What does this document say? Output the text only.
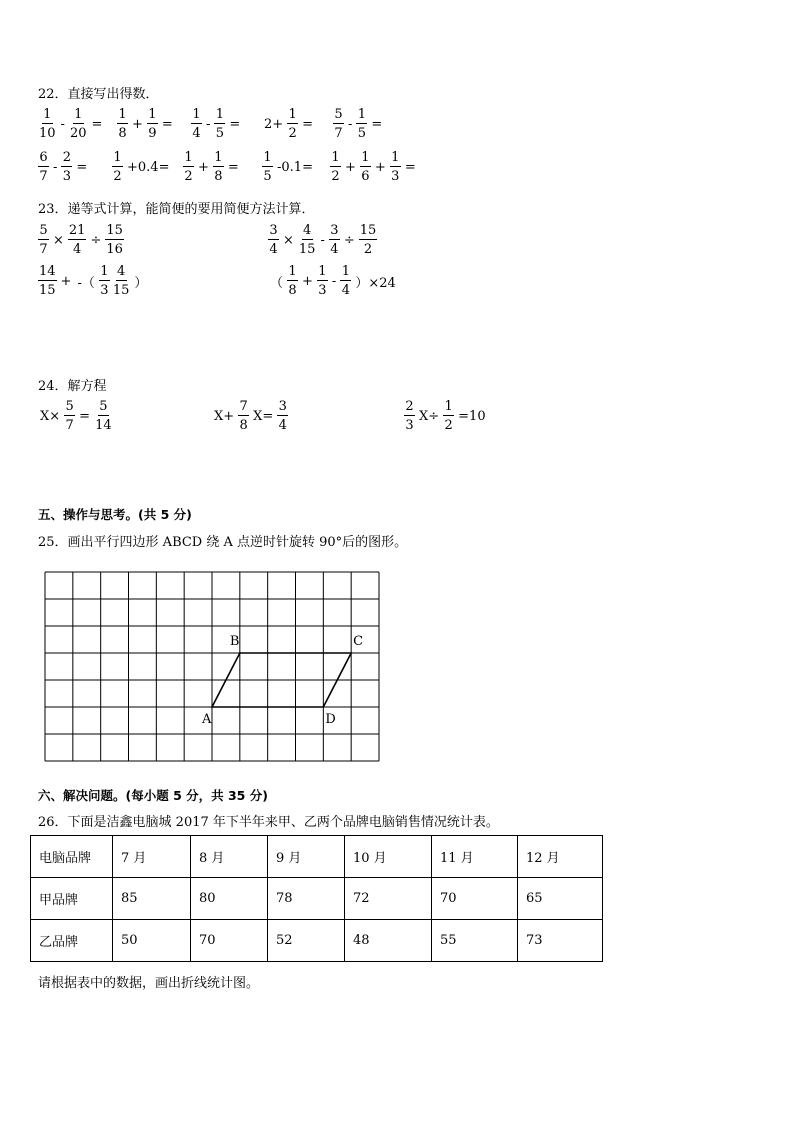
22．直接写出得数．
$\frac{1}{10} - \frac{1}{20} = \frac{1}{8} + \frac{1}{9} = \frac{1}{4} - \frac{1}{5} = 2+ \frac{1}{2} = \frac{5}{7} - \frac{1}{5}$ =
$\frac{6}{7} - \frac{2}{3} = \frac{1}{2} +0.4= \frac{1}{2} + \frac{1}{8} = \frac{1}{5} -0.1= \frac{1}{2} + \frac{1}{6} + \frac{1}{3}$ =
23．递等式计算，能简便的要用简便方法计算．
$\frac{5}{7} \times \frac{21}{4} \div \frac{15}{16}$	$\frac{3}{4} \times \frac{4}{15} - \frac{3}{4} \div \frac{15}{2}$
$\frac{14}{15}$ + -（ $\frac{1}{3} \frac{4}{15}$ ）	（ $\frac{1}{8} + \frac{1}{3} - \frac{1}{4} )\times 24$
24．解方程
$X\times \frac{5}{7} = \frac{5}{14}$	$X+ \frac{7}{8} X= \frac{3}{4}$	$\frac{2}{3} X\div \frac{1}{2} =10$
五、操作与思考。(共 5 分)
25．画出平行四边形 ABCD 绕 A 点逆时针旋转 90°后的图形。
A
B	C
D
六、解决问题。(每小题 5 分，共 35 分)
26．下面是洁鑫电脑城 2017 年下半年来甲、乙两个品牌电脑销售情况统计表。
电脑品牌	7 月	8 月	9 月	10 月	11 月	12 月
甲品牌	85	80	78	72	70	65
乙品牌	50	70	52	48	55	73
请根据表中的数据，画出折线统计图。
